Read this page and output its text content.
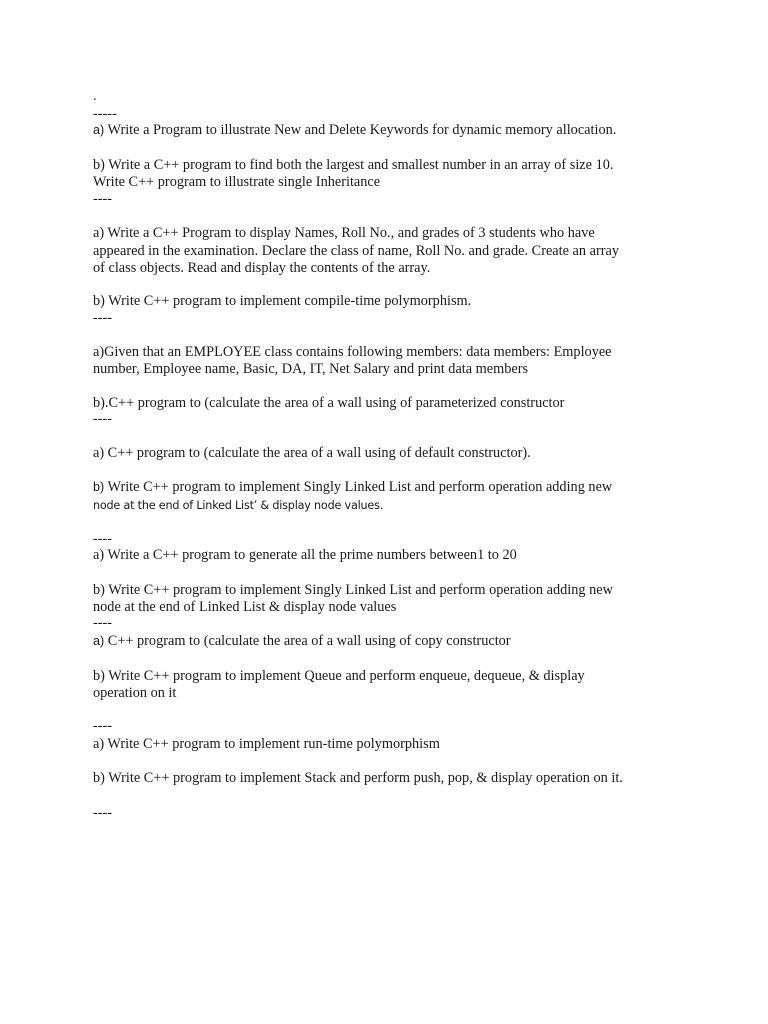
.
-----
a) Write a Program to illustrate New and Delete Keywords for dynamic memory allocation.
b) Write a C++ program to find both the largest and smallest number in an array of size 10.
Write C++ program to illustrate single Inheritance
----
a) Write a C++ Program to display Names, Roll No., and grades of 3 students who have
appeared in the examination. Declare the class of name, Roll No. and grade. Create an array
of class objects. Read and display the contents of the array.
b) Write C++ program to implement compile-time polymorphism.
----
a)Given that an EMPLOYEE class contains following members: data members: Employee
number, Employee name, Basic, DA, IT, Net Salary and print data members
b).C++ program to (calculate the area of a wall using of parameterized constructor
----
a) C++ program to (calculate the area of a wall using of default constructor).
b) Write C++ program to implement Singly Linked List and perform operation adding new
node at the end of Linked List’ & display node values.
----
a) Write a C++ program to generate all the prime numbers between1 to 20
b) Write C++ program to implement Singly Linked List and perform operation adding new
node at the end of Linked List & display node values
----
a) C++ program to (calculate the area of a wall using of copy constructor
b) Write C++ program to implement Queue and perform enqueue, dequeue, & display
operation on it
----
a) Write C++ program to implement run-time polymorphism
b) Write C++ program to implement Stack and perform push, pop, & display operation on it.
----
